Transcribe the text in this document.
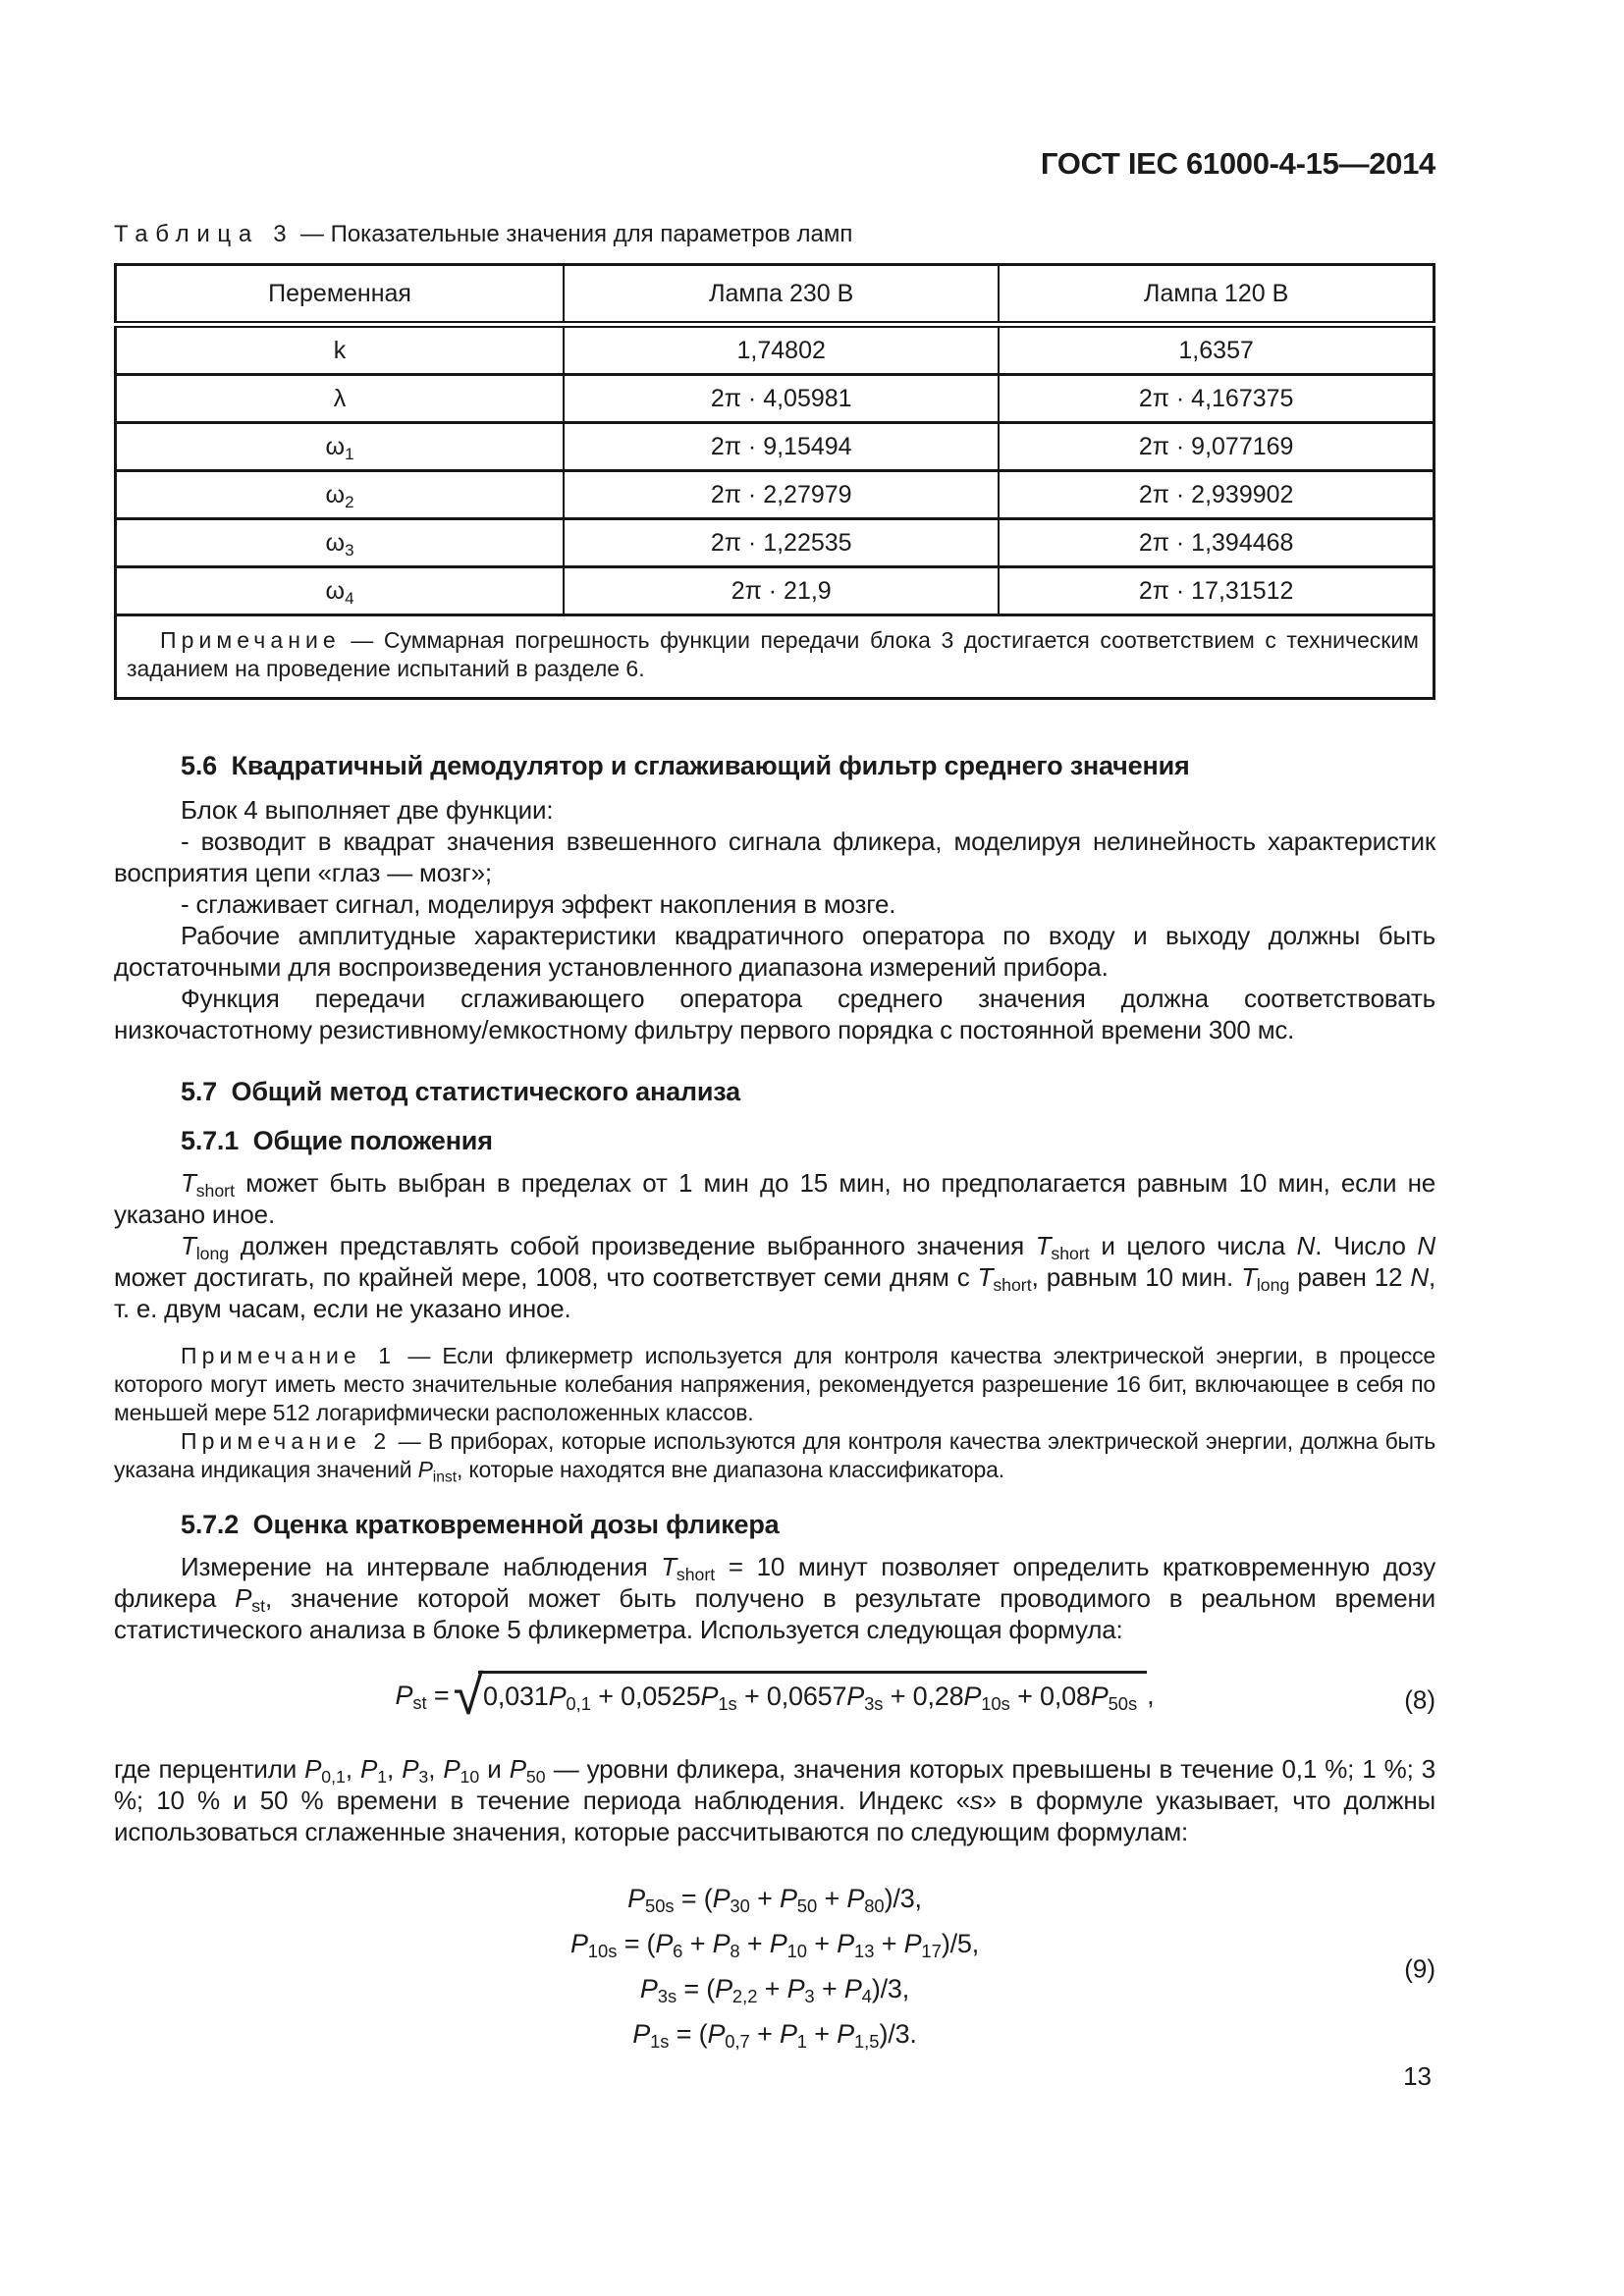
ГОСТ IEC 61000-4-15—2014
Таблица 3 — Показательные значения для параметров ламп
Переменная	Лампа 230 В	Лампа 120 В
k	1,74802	1,6357
λ	2π · 4,05981	2π · 4,167375
$\omega_1$	2π · 9,15494	2π · 9,077169
$\omega_2$	2π · 2,27979	2π · 2,939902
$\omega_3$	2π · 1,22535	2π · 1,394468
$\omega_4$	2π · 21,9	2π · 17,31512
Примечание — Суммарная погрешность функции передачи блока 3 достигается соответствием с техническим заданием на проведение испытаний в разделе 6.		
5.6  Квадратичный демодулятор и сглаживающий фильтр среднего значения

Блок 4 выполняет две функции:

- возводит в квадрат значения взвешенного сигнала фликера, моделируя нелинейность характеристик восприятия цепи «глаз — мозг»;

- сглаживает сигнал, моделируя эффект накопления в мозге.

Рабочие амплитудные характеристики квадратичного оператора по входу и выходу должны быть достаточными для воспроизведения установленного диапазона измерений прибора.

Функция передачи сглаживающего оператора среднего значения должна соответствовать низкочастотному резистивному/емкостному фильтру первого порядка с постоянной времени 300 мс.

5.7  Общий метод статистического анализа
5.7.1  Общие положения

$T_{short}$ может быть выбран в пределах от 1 мин до 15 мин, но предполагается равным 10 мин, если не указано иное.

$T_{long}$ должен представлять собой произведение выбранного значения $T_{short}$ и целого числа N. Число N может достигать, по крайней мере, 1008, что соответствует семи дням с $T_{short}$, равным 10 мин. $T_{long}$ равен 12 N, т. е. двум часам, если не указано иное.

Примечание 1 — Если фликерметр используется для контроля качества электрической энергии, в процессе которого могут иметь место значительные колебания напряжения, рекомендуется разрешение 16 бит, включающее в себя по меньшей мере 512 логарифмически расположенных классов.

Примечание 2 — В приборах, которые используются для контроля качества электрической энергии, должна быть указана индикация значений $P_{inst}$, которые находятся вне диапазона классификатора.

5.7.2  Оценка кратковременной дозы фликера

Измерение на интервале наблюдения $T_{short} = 10$ минут позволяет определить кратковременную дозу фликера $P_{st}$, значение которой может быть получено в результате проводимого в реальном времени статистического анализа в блоке 5 фликерметра. Используется следующая формула:

$P_{st}$ = √ $0,031P_{0,1} + 0,0525P_{1s} + 0,0657P_{3s} + 0,28P_{10s} + 0,08P_{50s}$ ,	(8)

где перцентили $P_{0,1}$, $P_1$, $P_3$, $P_{10}$ и $P_{50}$ — уровни фликера, значения которых превышены в течение 0,1 %; 1 %; 3 %; 10 % и 50 % времени в течение периода наблюдения. Индекс «s» в формуле указывает, что должны использоваться сглаженные значения, которые рассчитываются по следующим формулам:

$P_{50s} = (P_{30} + P_{50} + P_{80})/3$,
$P_{10s} = (P_6 + P_8 + P_{10} + P_{13} + P_{17})/5$,
$P_{3s} = (P_{2,2} + P_3 + P_4)/3$,
$P_{1s} = (P_{0,7} + P_1 + P_{1,5})/3$.
(9)
13
